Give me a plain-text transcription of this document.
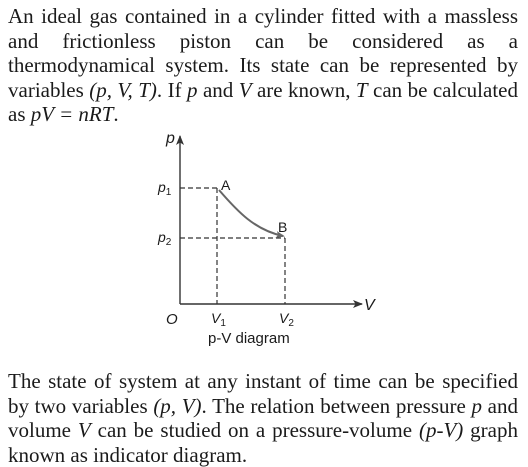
An ideal gas contained in a cylinder fitted with a massless and frictionless piston can be considered as a thermodynamical system. Its state can be represented by variables (p, V, T). If p and V are known, T can be calculated as pV = nRT.

p
V
O
$p_1$
$p_2$
$V_1$	$V_2$
A
B
p-V diagram

The state of system at any instant of time can be specified by two variables (p, V). The relation between pressure p and volume V can be studied on a pressure-volume (p-V) graph known as indicator diagram.
